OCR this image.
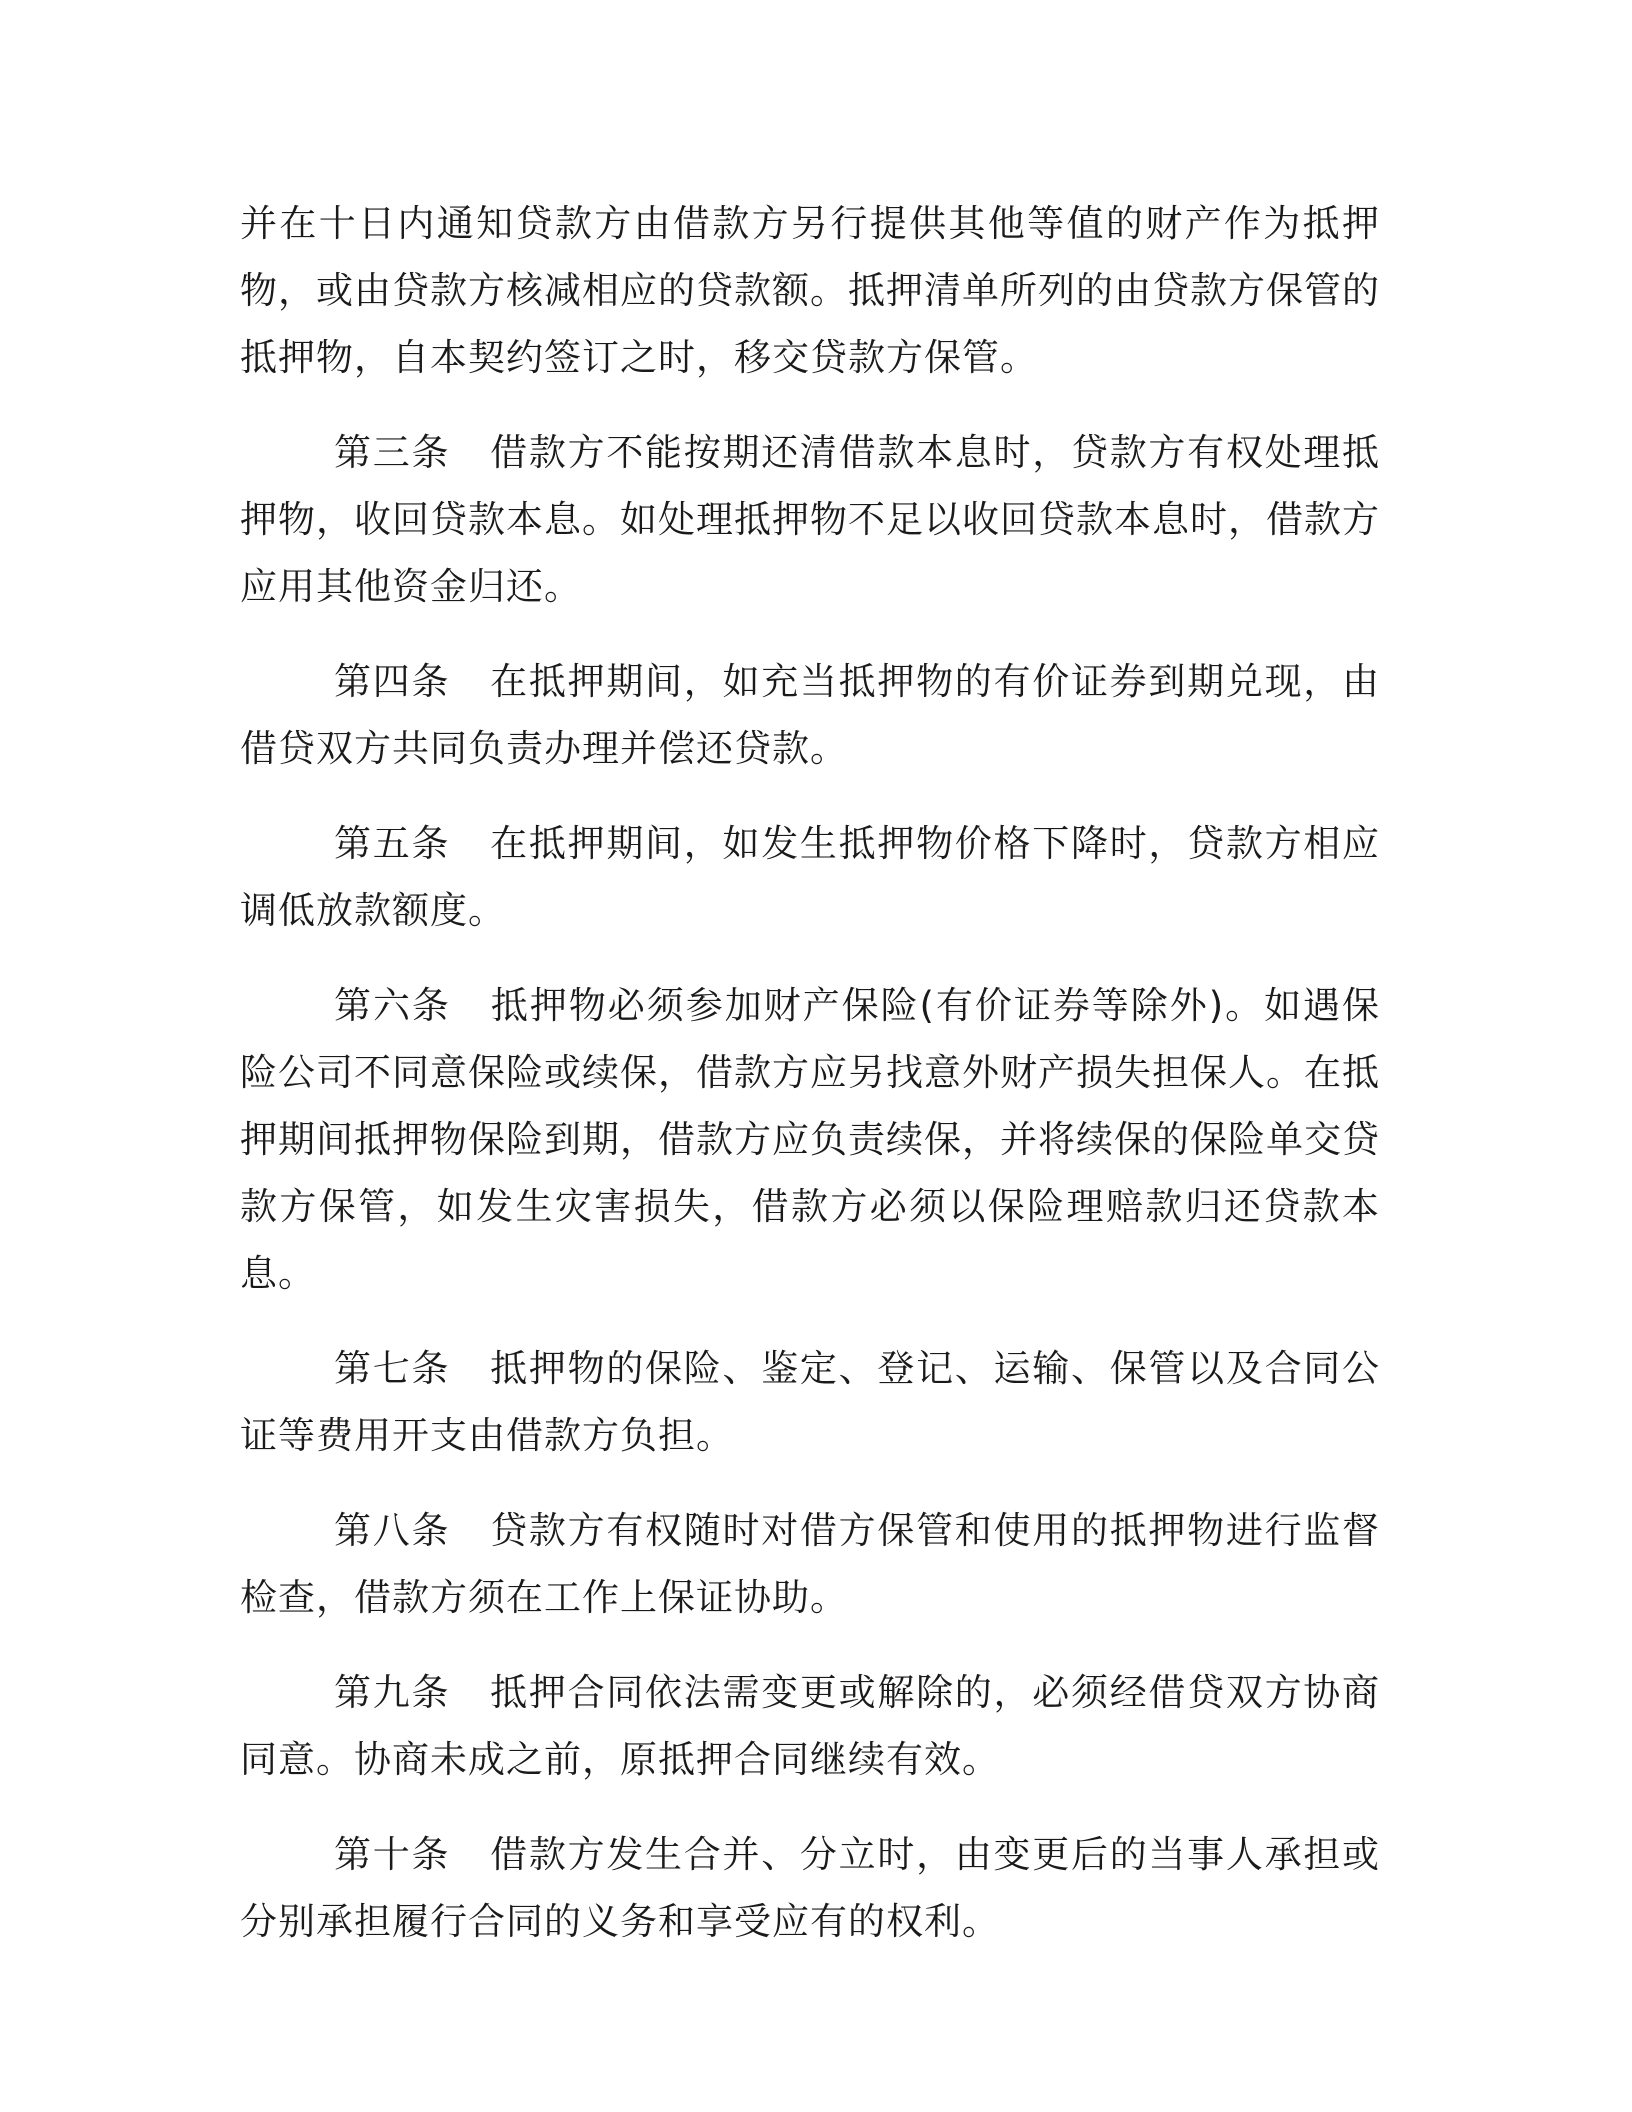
并在十日内通知贷款方由借款方另行提供其他等值的财产作为抵押物，或由贷款方核减相应的贷款额。抵押清单所列的由贷款方保管的抵押物，自本契约签订之时，移交贷款方保管。

第三条 借款方不能按期还清借款本息时，贷款方有权处理抵押物，收回贷款本息。如处理抵押物不足以收回贷款本息时，借款方应用其他资金归还。

第四条 在抵押期间，如充当抵押物的有价证券到期兑现，由借贷双方共同负责办理并偿还贷款。

第五条 在抵押期间，如发生抵押物价格下降时，贷款方相应调低放款额度。

第六条 抵押物必须参加财产保险(有价证券等除外)。如遇保险公司不同意保险或续保，借款方应另找意外财产损失担保人。在抵押期间抵押物保险到期，借款方应负责续保，并将续保的保险单交贷款方保管，如发生灾害损失，借款方必须以保险理赔款归还贷款本息。

第七条 抵押物的保险、鉴定、登记、运输、保管以及合同公证等费用开支由借款方负担。

第八条 贷款方有权随时对借方保管和使用的抵押物进行监督检查，借款方须在工作上保证协助。

第九条 抵押合同依法需变更或解除的，必须经借贷双方协商同意。协商未成之前，原抵押合同继续有效。

第十条 借款方发生合并、分立时，由变更后的当事人承担或分别承担履行合同的义务和享受应有的权利。
